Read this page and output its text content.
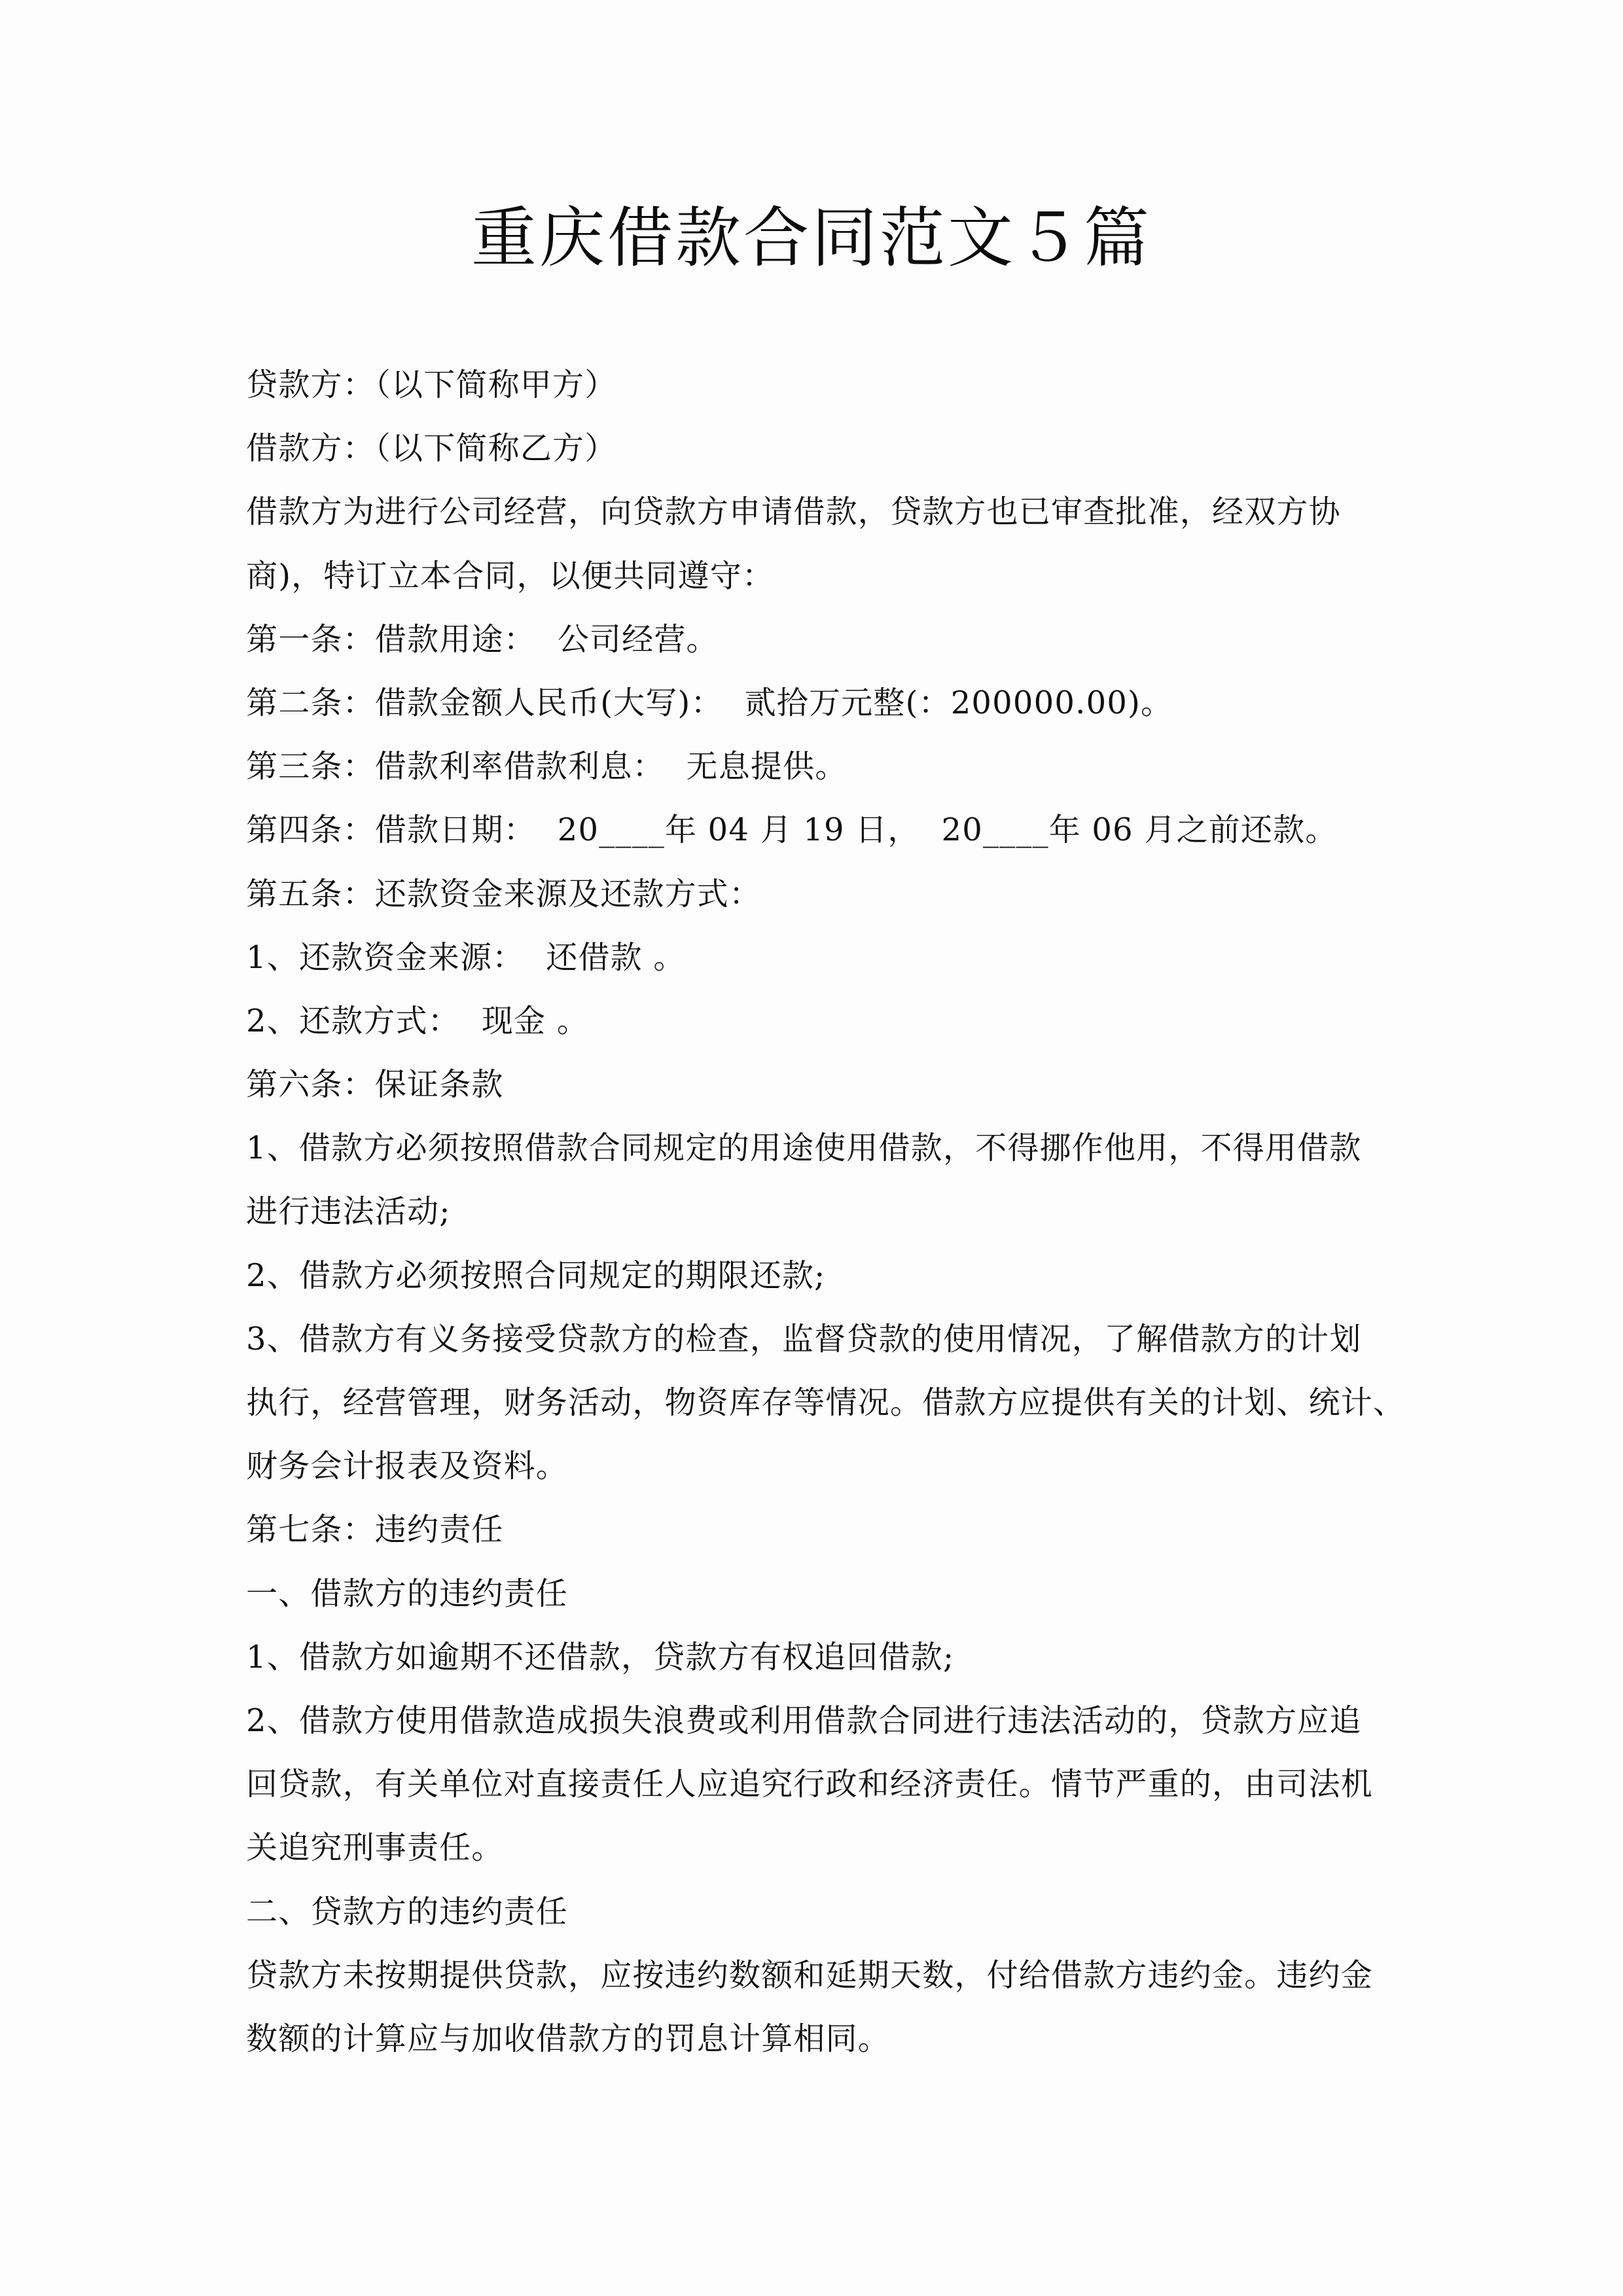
重庆借款合同范文５篇
贷款方：（以下简称甲方）
借款方：（以下简称乙方）
借款方为进行公司经营，向贷款方申请借款，贷款方也已审查批准，经双方协
商)，特订立本合同，以便共同遵守：
第一条：借款用途：  公司经营。
第二条：借款金额人民币(大写)：  贰拾万元整(：200000.00)。
第三条：借款利率借款利息：  无息提供。
第四条：借款日期：  20____年 04 月 19 日，  20____年 06 月之前还款。
第五条：还款资金来源及还款方式：
1、还款资金来源：  还借款 。
2、还款方式：  现金 。
第六条：保证条款
1、借款方必须按照借款合同规定的用途使用借款，不得挪作他用，不得用借款
进行违法活动;
2、借款方必须按照合同规定的期限还款;
3、借款方有义务接受贷款方的检查，监督贷款的使用情况，了解借款方的计划
执行，经营管理，财务活动，物资库存等情况。借款方应提供有关的计划、统计、
财务会计报表及资料。
第七条：违约责任
一、借款方的违约责任
1、借款方如逾期不还借款，贷款方有权追回借款;
2、借款方使用借款造成损失浪费或利用借款合同进行违法活动的，贷款方应追
回贷款，有关单位对直接责任人应追究行政和经济责任。情节严重的，由司法机
关追究刑事责任。
二、贷款方的违约责任
贷款方未按期提供贷款，应按违约数额和延期天数，付给借款方违约金。违约金
数额的计算应与加收借款方的罚息计算相同。
